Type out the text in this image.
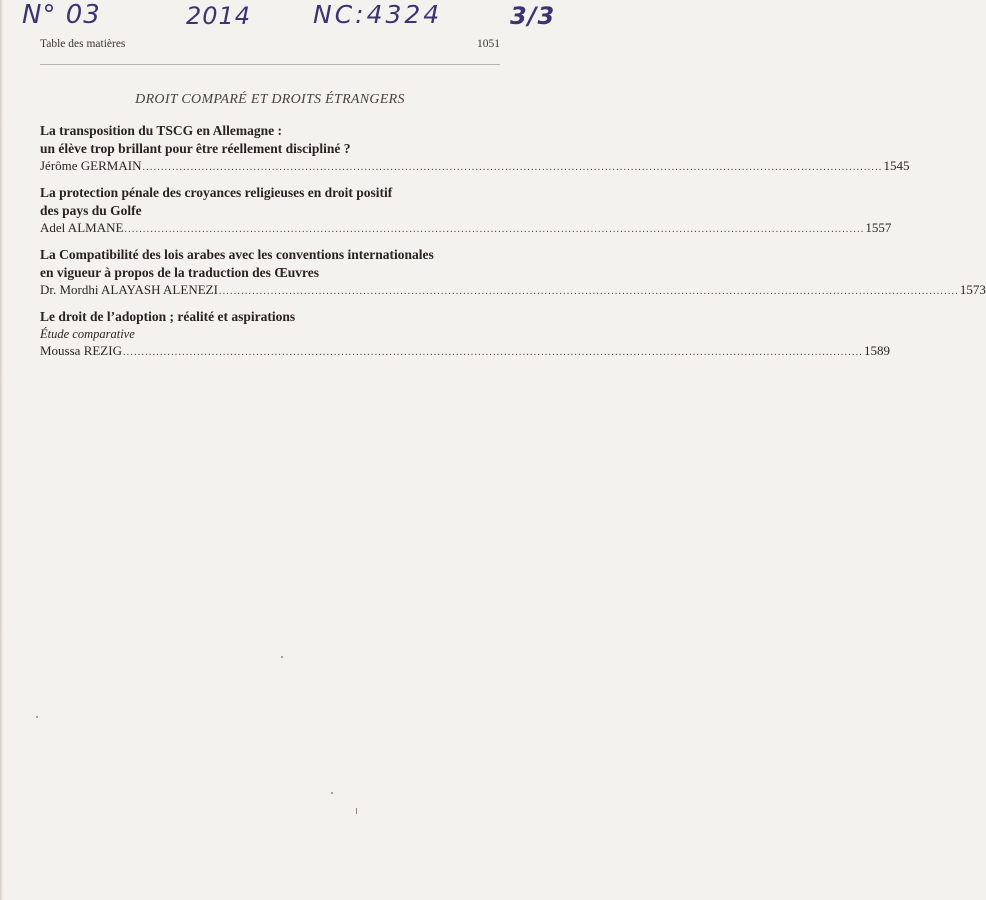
N° 03	2014 NC:4324	3/3
Table des matières	1051
DROIT COMPARÉ ET DROITS ÉTRANGERS
La transposition du TSCG en Allemagne :
un élève trop brillant pour être réellement discipliné ?
Jérôme GERMAIN ........................................................................................................................................................................................................ 1545
La protection pénale des croyances religieuses en droit positif
des pays du Golfe
Adel ALMANE ........................................................................................................................................................................................................ 1557
La Compatibilité des lois arabes avec les conventions internationales
en vigueur à propos de la traduction des Œuvres
Dr. Mordhi ALAYASH ALENEZI ........................................................................................................................................................................................................ 1573
Le droit de l’adoption ; réalité et aspirations
Étude comparative
Moussa REZIG ........................................................................................................................................................................................................ 1589
